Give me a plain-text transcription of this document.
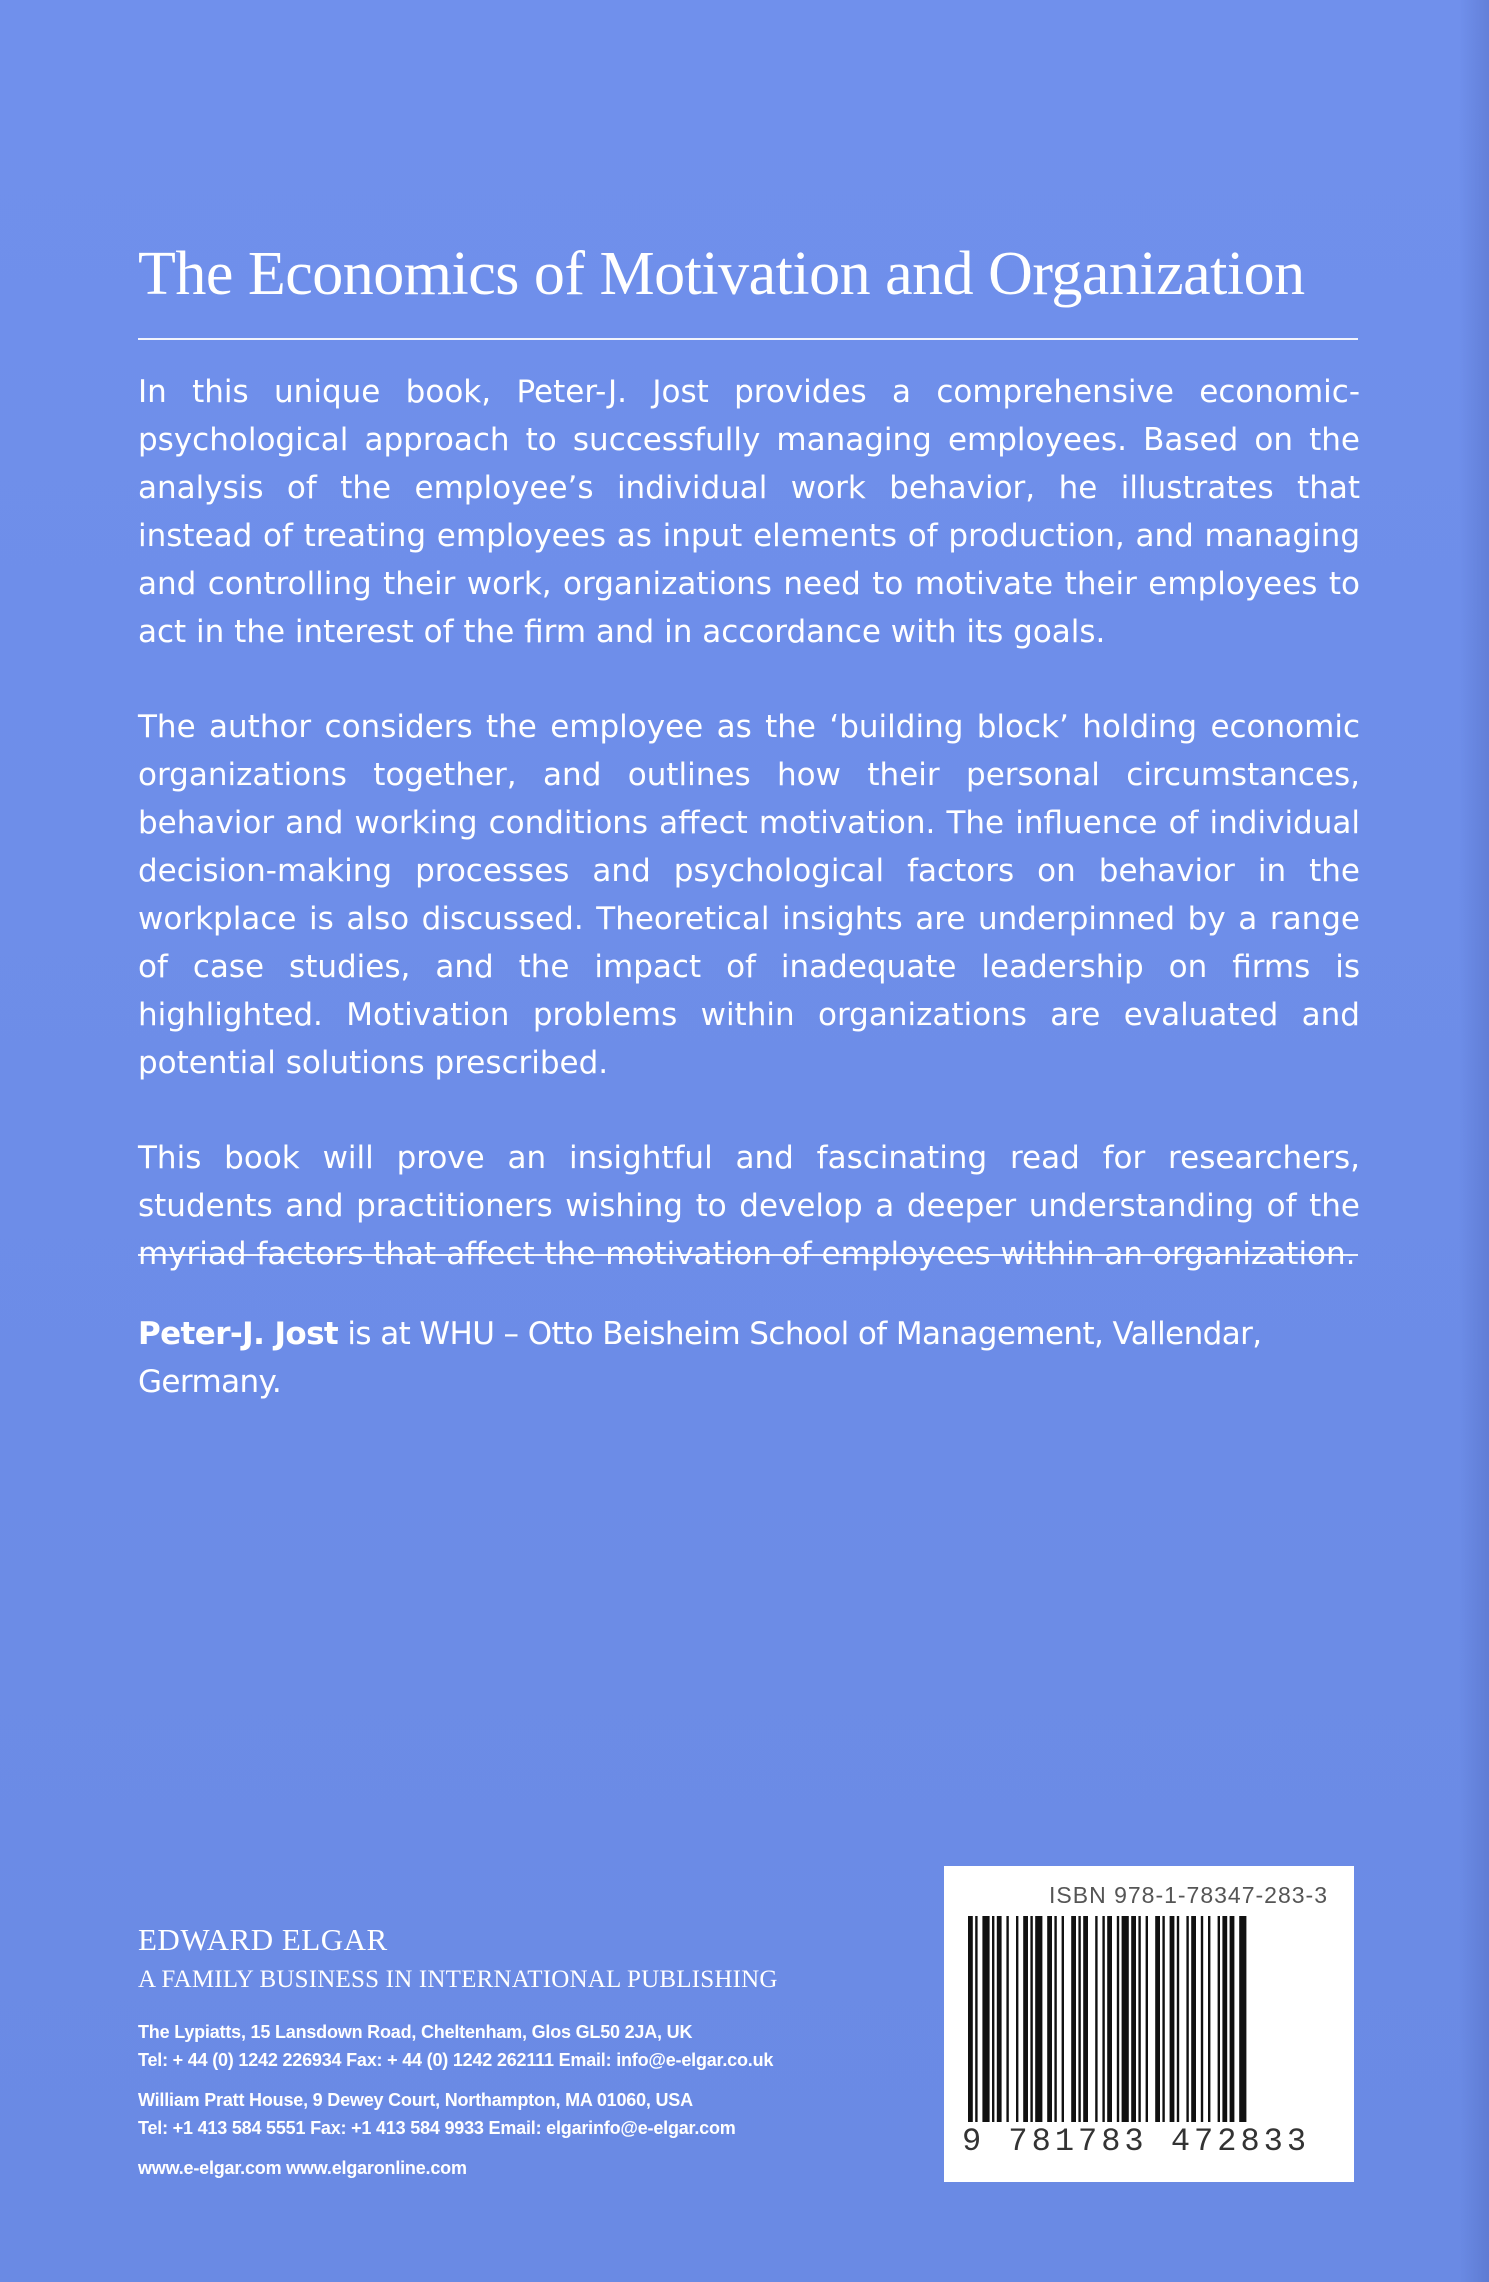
The Economics of Motivation and Organization

In this unique book, Peter-J. Jost provides a comprehensive economic-psychological approach to successfully managing employees. Based on the analysis of the employee’s individual work behavior, he illustrates that instead of treating employees as input elements of production, and managing and controlling their work, organizations need to motivate their employees to act in the interest of the firm and in accordance with its goals.

The author considers the employee as the ‘building block’ holding economic organizations together, and outlines how their personal circumstances, behavior and working conditions affect motivation. The influence of individual decision-making processes and psychological factors on behavior in the workplace is also discussed. Theoretical insights are underpinned by a range of case studies, and the impact of inadequate leadership on firms is highlighted. Motivation problems within organizations are evaluated and potential solutions prescribed.

This book will prove an insightful and fascinating read for researchers, students and practitioners wishing to develop a deeper understanding of the myriad factors that affect the motivation of employees within an organization.

Peter-J. Jost is at WHU – Otto Beisheim School of Management, Vallendar, Germany.
EDWARD ELGAR
A FAMILY BUSINESS IN INTERNATIONAL PUBLISHING
The Lypiatts, 15 Lansdown Road, Cheltenham, Glos GL50 2JA, UK
Tel: + 44 (0) 1242 226934 Fax: + 44 (0) 1242 262111 Email: info@e-elgar.co.uk
William Pratt House, 9 Dewey Court, Northampton, MA 01060, USA
Tel: +1 413 584 5551 Fax: +1 413 584 9933 Email: elgarinfo@e-elgar.com
www.e-elgar.com www.elgaronline.com
ISBN 978-1-78347-283-3
9 781783 472833
